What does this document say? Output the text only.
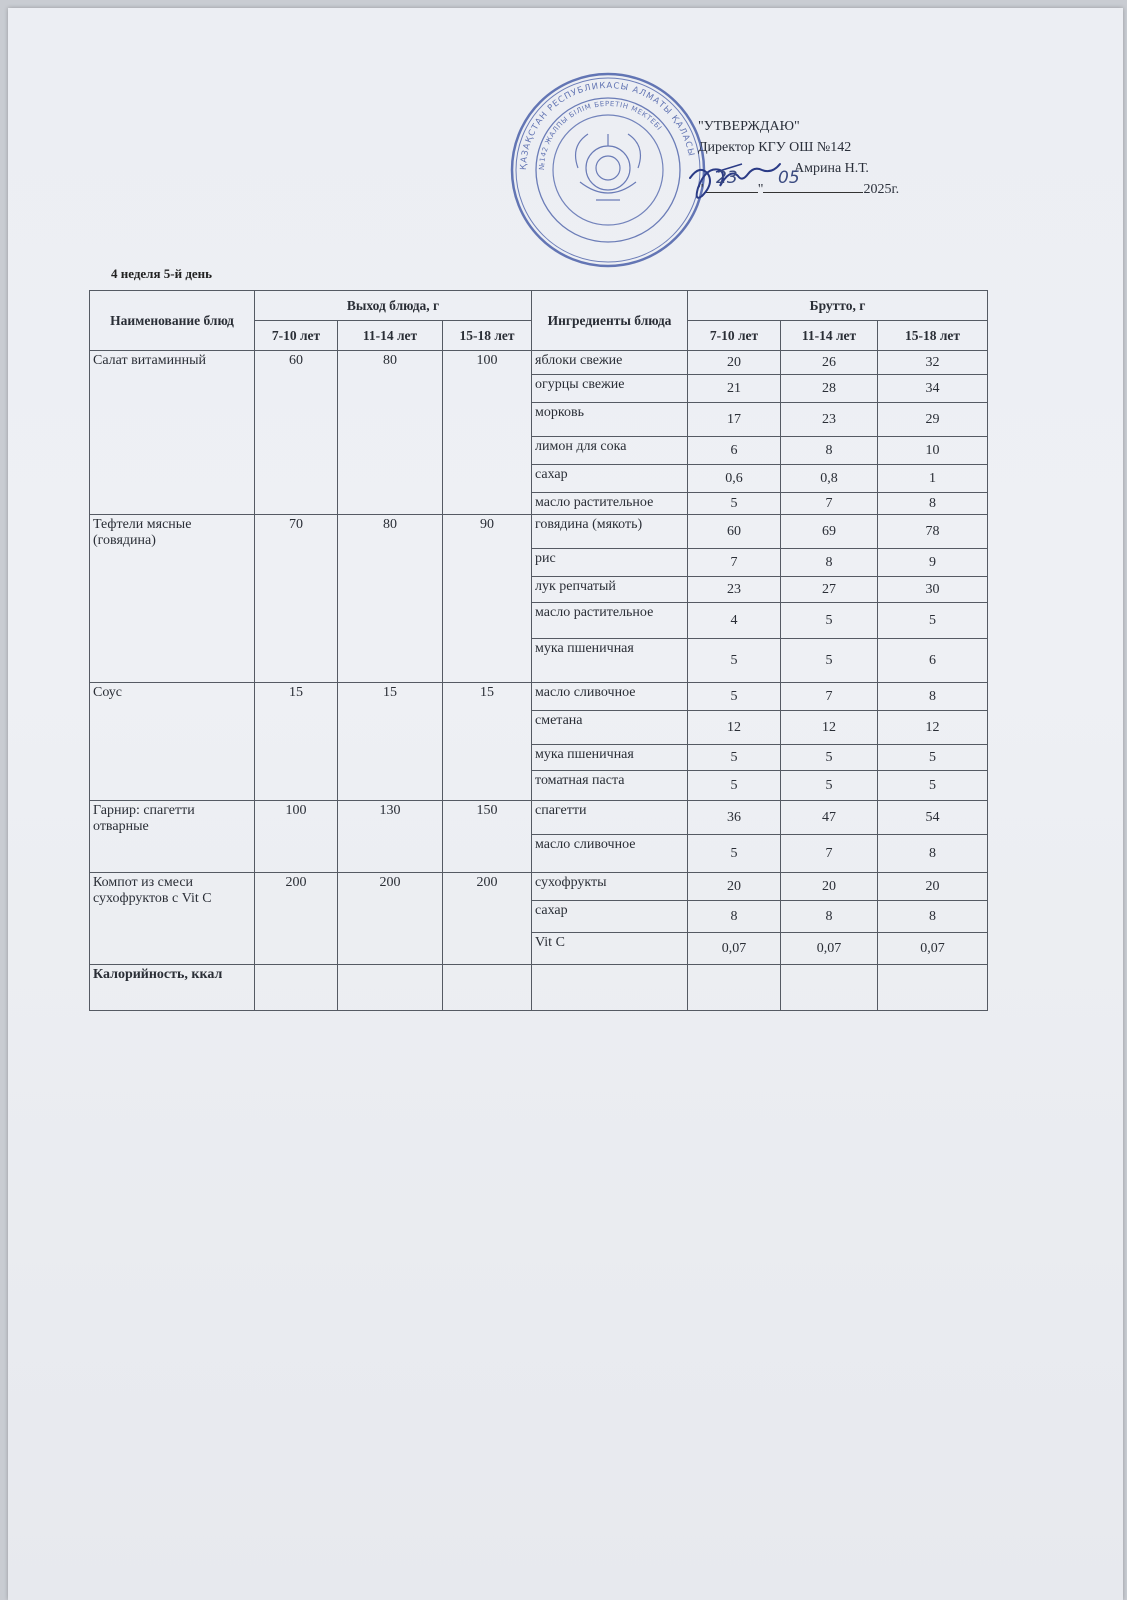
ҚАЗАҚСТАН РЕСПУБЛИКАСЫ АЛМАТЫ ҚАЛАСЫ
№142 ЖАЛПЫ БІЛІМ БЕРЕТІН МЕКТЕБІ "УТВЕРЖДАЮ"
Директор КГУ ОШ №142
Амрина Н.Т.
"	"	2025г.
23 05
4 неделя 5-й день
Наименование блюд	Выход блюда, г			Ингредиенты блюда	Брутто, г		
	7-10 лет	11-14 лет	15-18 лет		7-10 лет	11-14 лет	15-18 лет
Салат витаминный	60	80	100	яблоки свежие	20	26	32
				огурцы свежие	21	28	34
				морковь	17	23	29
				лимон для сока	6	8	10
				сахар	0,6	0,8	1
				масло растительное	5	7	8
Тефтели мясные (говядина)	70	80	90	говядина (мякоть)	60	69	78
				рис	7	8	9
				лук репчатый	23	27	30
				масло растительное	4	5	5
				мука пшеничная	5	5	6
Соус	15	15	15	масло сливочное	5	7	8
				сметана	12	12	12
				мука пшеничная	5	5	5
				томатная паста	5	5	5
Гарнир: спагетти отварные	100	130	150	спагетти	36	47	54
				масло сливочное	5	7	8
Компот из смеси сухофруктов с Vit C	200	200	200	сухофрукты	20	20	20
				сахар	8	8	8
				Vit C	0,07	0,07	0,07
Калорийность, ккал							
